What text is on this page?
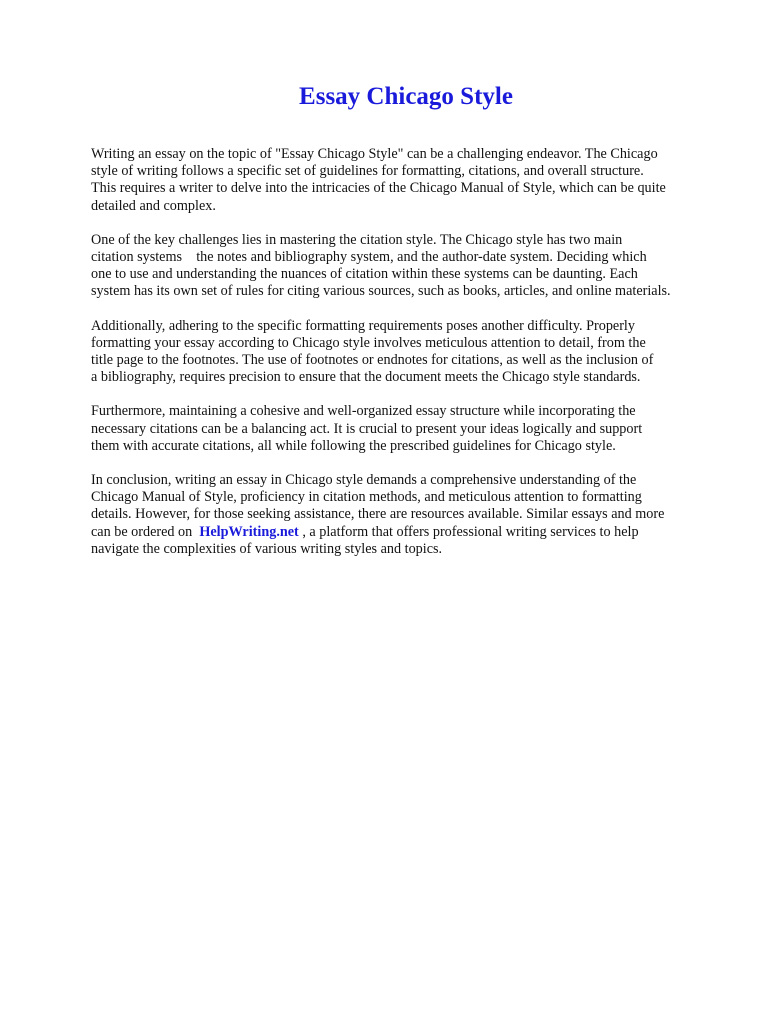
Essay Chicago Style

Writing an essay on the topic of "Essay Chicago Style" can be a challenging endeavor. The Chicago
style of writing follows a specific set of guidelines for formatting, citations, and overall structure.
This requires a writer to delve into the intricacies of the Chicago Manual of Style, which can be quite
detailed and complex.

One of the key challenges lies in mastering the citation style. The Chicago style has two main
citation systems    the notes and bibliography system, and the author-date system. Deciding which
one to use and understanding the nuances of citation within these systems can be daunting. Each
system has its own set of rules for citing various sources, such as books, articles, and online materials.

Additionally, adhering to the specific formatting requirements poses another difficulty. Properly
formatting your essay according to Chicago style involves meticulous attention to detail, from the
title page to the footnotes. The use of footnotes or endnotes for citations, as well as the inclusion of
a bibliography, requires precision to ensure that the document meets the Chicago style standards.

Furthermore, maintaining a cohesive and well-organized essay structure while incorporating the
necessary citations can be a balancing act. It is crucial to present your ideas logically and support
them with accurate citations, all while following the prescribed guidelines for Chicago style.

In conclusion, writing an essay in Chicago style demands a comprehensive understanding of the
Chicago Manual of Style, proficiency in citation methods, and meticulous attention to formatting
details. However, for those seeking assistance, there are resources available. Similar essays and more
can be ordered on  HelpWriting.net , a platform that offers professional writing services to help
navigate the complexities of various writing styles and topics.
